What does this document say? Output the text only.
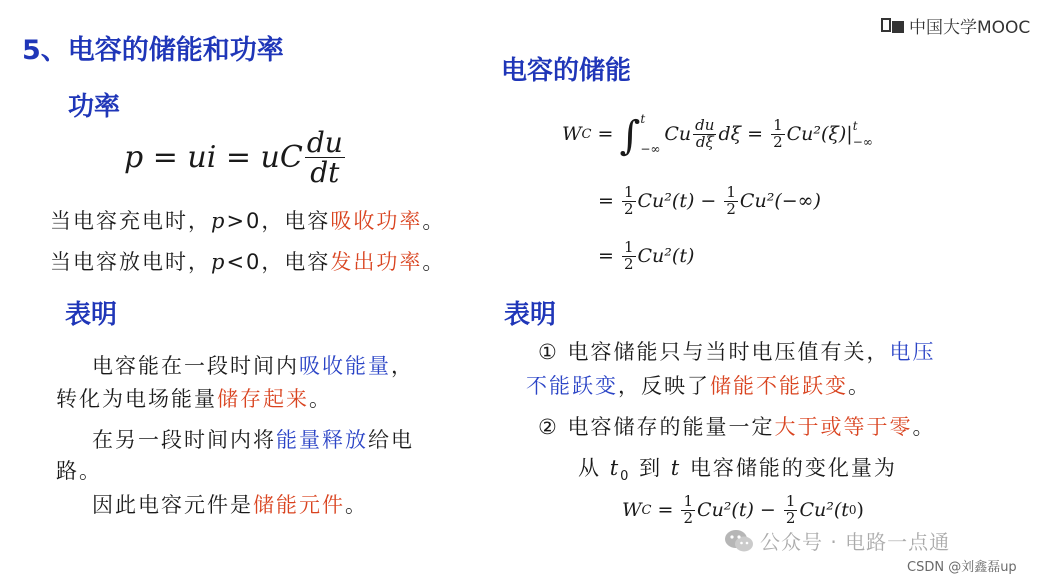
5、电容的储能和功率
中国大学MOOC
功率
p = ui = uC $\frac{du}{dt}$
当电容充电时，p>0，电容吸收功率。
当电容放电时，p<0，电容发出功率。
表明
电容能在一段时间内吸收能量，
转化为电场能量储存起来。
在另一段时间内将能量释放给电
路。
因此电容元件是储能元件。
电容的储能
W C = ∫ t
−∞
Cu $\frac{du}{d\xi}$ $d\xi = \frac{1}{2} Cu^2(\xi)|$ t
−∞
= $\frac{1}{2} Cu^2(t) - \frac{1}{2} Cu^2(-\infty)$
= $\frac{1}{2} Cu^2(t)$
表明
① 电容储能只与当时电压值有关，电压
不能跃变，反映了储能不能跃变。
② 电容储存的能量一定大于或等于零。
从 $t_0$ 到 t 电容储能的变化量为
W $C = \frac{1}{2} Cu^2(t) - \frac{1}{2} Cu^2(t$ 0 )
公众号 · 电路一点通
CSDN @刘鑫磊up
